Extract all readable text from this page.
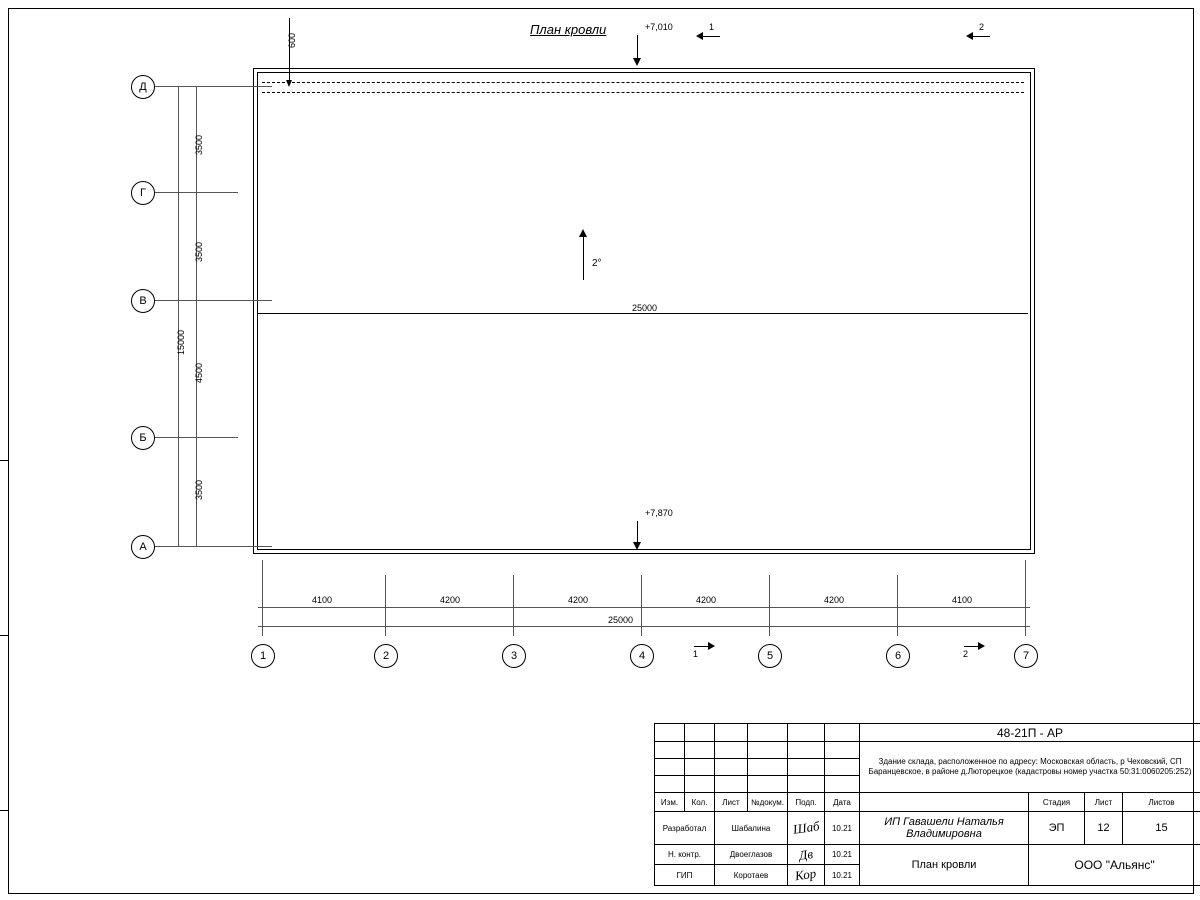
План кровли
25000
2°
600
+7,010
+7,870
1	2
1	2
Д
Г
В
Б
А
3500
3500
4500
3500
15000
4100	4200	4200	4200	4200	4100
25000
1	2	3	4	5	6	7
						48-21П - АР			
						Здание склада, расположенное по адресу: Московская область, р Чеховский, СП Баранцевское, в районе д.Люторецкое (кадастровы номер участка 50:31:0060205:252)			

Изм.	Кол.	Лист	№докум.	Подп.	Дата		Стадия	Лист	Листов
Разработал		Шабалина		Шаб	10.21	ИП Гавашели Наталья Владимировна	ЭП	12	15
Н. контр.		Двоеглазов		Дв	10.21	План кровли	ООО "Альянс"		
ГИП		Коротаев		Кор	10.21				
